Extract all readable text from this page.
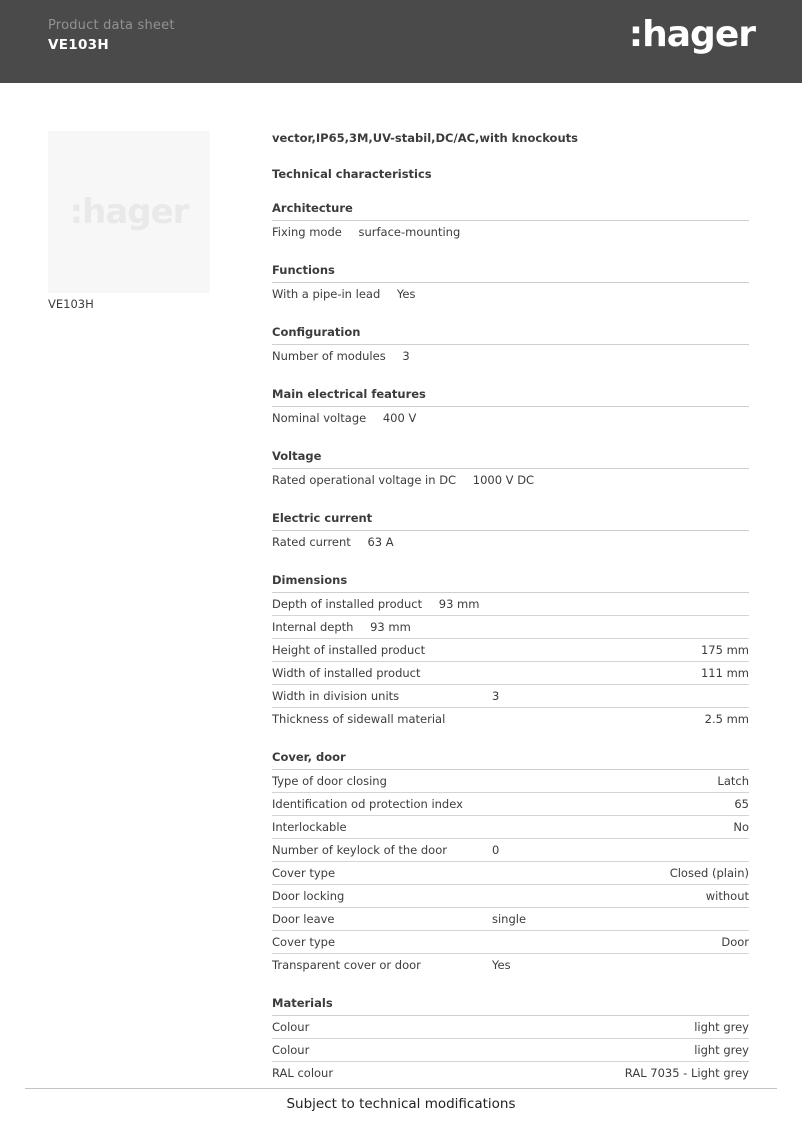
Product data sheet
VE103H	:hager
:hager
VE103H
vector,IP65,3M,UV-stabil,DC/AC,with knockouts
Technical characteristics
Architecture
Fixing mode surface-mounting
Functions
With a pipe-in lead Yes
Configuration
Number of modules 3
Main electrical features
Nominal voltage 400 V
Voltage
Rated operational voltage in DC 1000 V DC
Electric current
Rated current 63 A
Dimensions
Depth of installed product 93 mm
Internal depth 93 mm
Height of installed product	175 mm
Width of installed product	111 mm
Width in division units	3
Thickness of sidewall material	2.5 mm
Cover, door
Type of door closing	Latch
Identification od protection index	65
Interlockable	No
Number of keylock of the door	0
Cover type	Closed (plain)
Door locking	without
Door leave	single
Cover type	Door
Transparent cover or door	Yes
Materials
Colour	light grey
Colour	light grey
RAL colour	RAL 7035 - Light grey
Subject to technical modifications
